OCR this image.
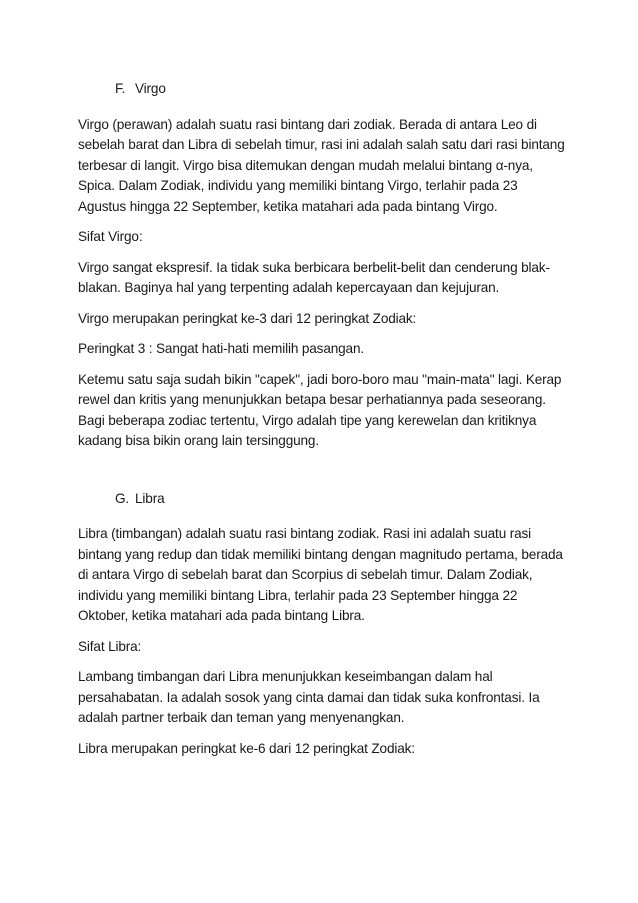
F. Virgo

Virgo (perawan) adalah suatu rasi bintang dari zodiak. Berada di antara Leo di sebelah barat dan Libra di sebelah timur, rasi ini adalah salah satu dari rasi bintang terbesar di langit. Virgo bisa ditemukan dengan mudah melalui bintang α-nya, Spica. Dalam Zodiak, individu yang memiliki bintang Virgo, terlahir pada 23 Agustus hingga 22 September, ketika matahari ada pada bintang Virgo.

Sifat Virgo:

Virgo sangat ekspresif. Ia tidak suka berbicara berbelit-belit dan cenderung blak-blakan. Baginya hal yang terpenting adalah kepercayaan dan kejujuran.

Virgo merupakan peringkat ke-3 dari 12 peringkat Zodiak:

Peringkat 3 : Sangat hati-hati memilih pasangan.

Ketemu satu saja sudah bikin "capek", jadi boro-boro mau "main-mata" lagi. Kerap rewel dan kritis yang menunjukkan betapa besar perhatiannya pada seseorang. Bagi beberapa zodiac tertentu, Virgo adalah tipe yang kerewelan dan kritiknya kadang bisa bikin orang lain tersinggung.

G. Libra

Libra (timbangan) adalah suatu rasi bintang zodiak. Rasi ini adalah suatu rasi bintang yang redup dan tidak memiliki bintang dengan magnitudo pertama, berada di antara Virgo di sebelah barat dan Scorpius di sebelah timur. Dalam Zodiak, individu yang memiliki bintang Libra, terlahir pada 23 September hingga 22 Oktober, ketika matahari ada pada bintang Libra.

Sifat Libra:

Lambang timbangan dari Libra menunjukkan keseimbangan dalam hal persahabatan. Ia adalah sosok yang cinta damai dan tidak suka konfrontasi. Ia adalah partner terbaik dan teman yang menyenangkan.

Libra merupakan peringkat ke-6 dari 12 peringkat Zodiak:
